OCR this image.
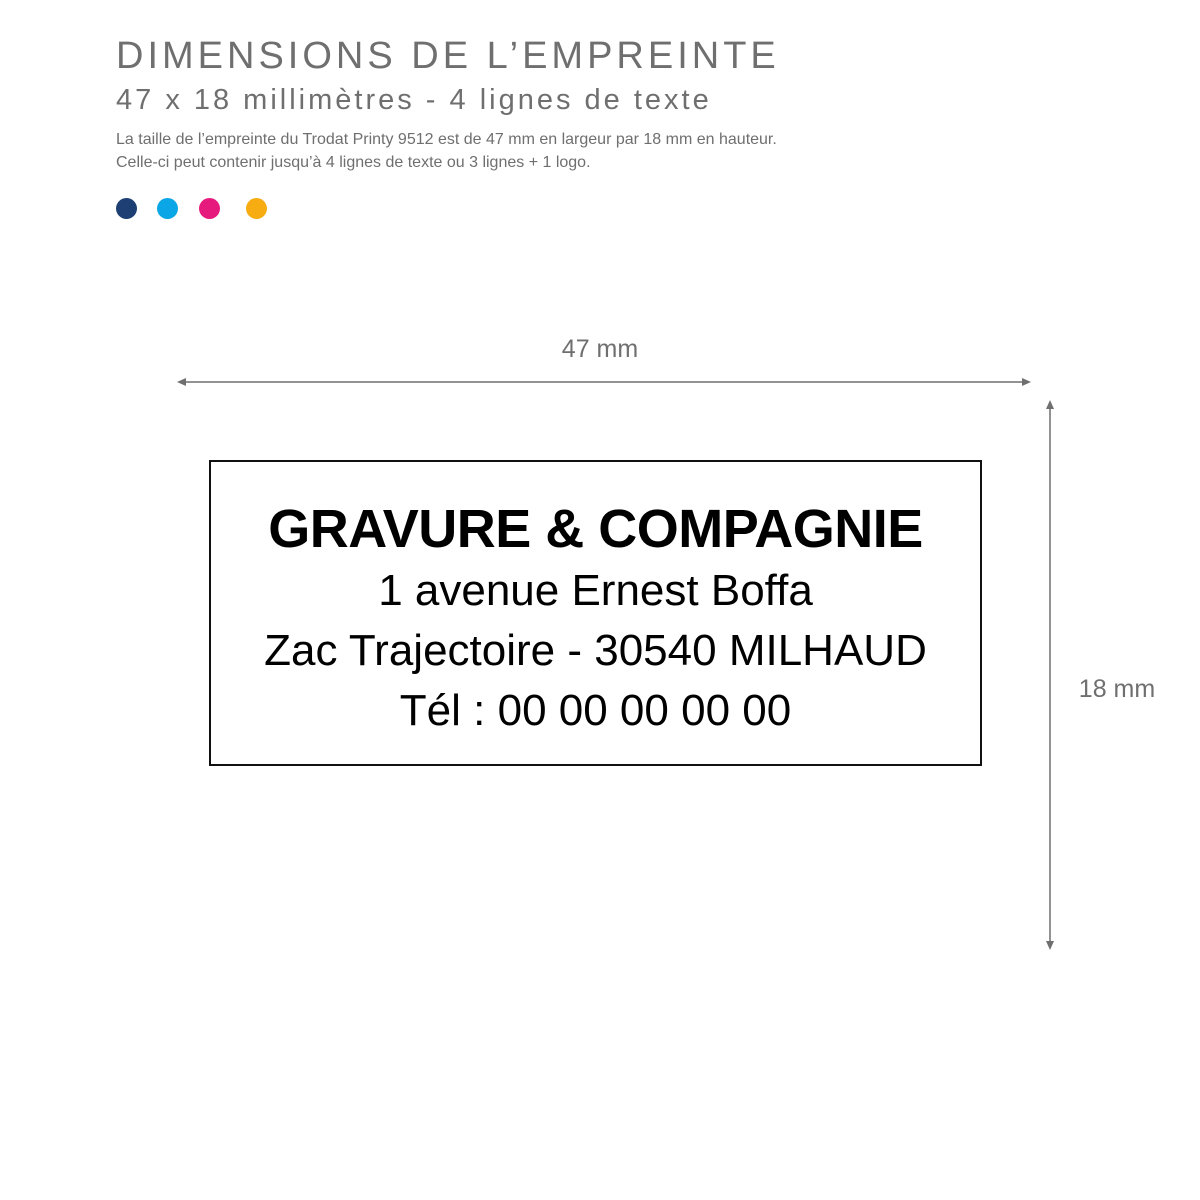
DIMENSIONS DE L’EMPREINTE
47 x 18 millimètres - 4 lignes de texte
La taille de l’empreinte du Trodat Printy 9512 est de 47 mm en largeur par 18 mm en hauteur.
Celle-ci peut contenir jusqu’à 4 lignes de texte ou 3 lignes + 1 logo.
47 mm
18 mm
GRAVURE & COMPAGNIE
1 avenue Ernest Boffa
Zac Trajectoire - 30540 MILHAUD
Tél : 00 00 00 00 00
